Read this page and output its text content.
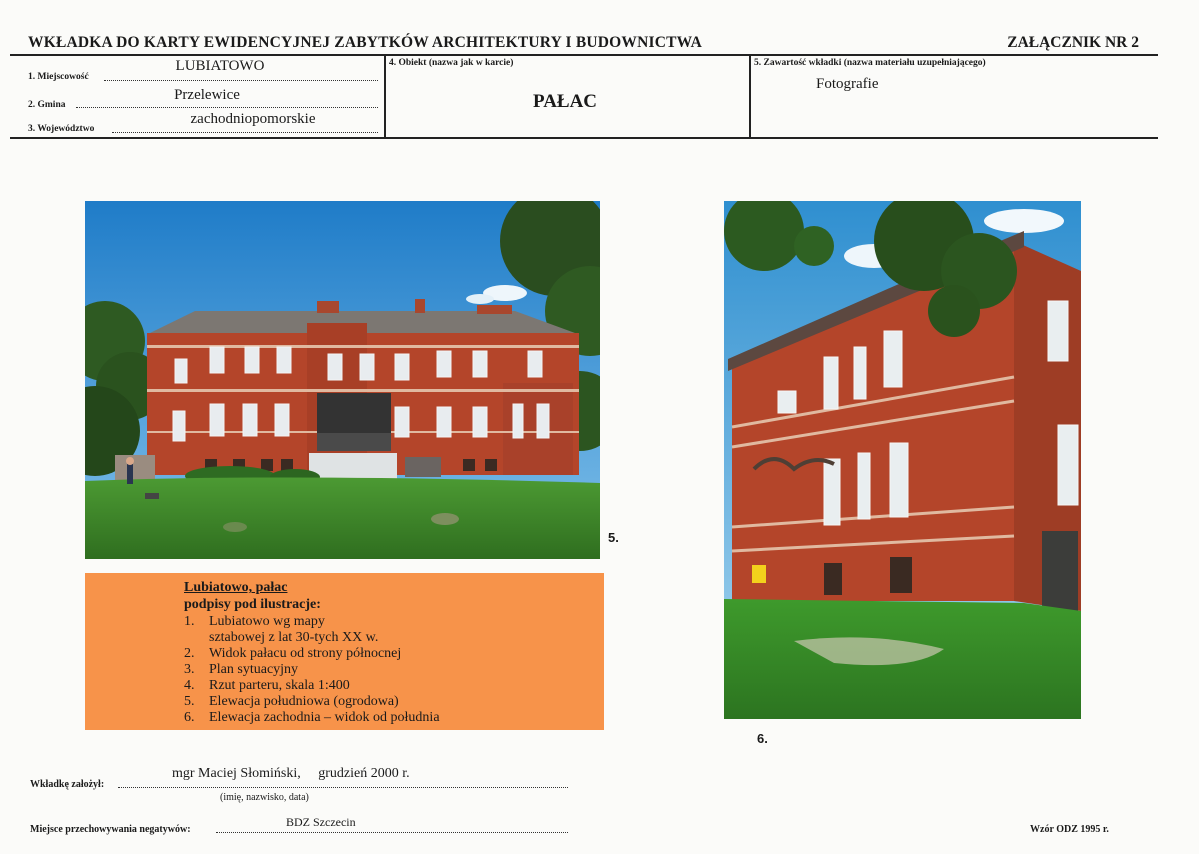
WKŁADKA DO KARTY EWIDENCYJNEJ ZABYTKÓW ARCHITEKTURY I BUDOWNICTWA	ZAŁĄCZNIK NR 2
1. Miejscowość
LUBIATOWO
2. Gmina
Przelewice
3. Województwo
zachodniopomorskie
4. Obiekt (nazwa jak w karcie)
PAŁAC
5. Zawartość wkładki (nazwa materiału uzupełniającego)
Fotografie
5.
6.
Lubiatowo, pałac
podpisy pod ilustracje:
1.	Lubiatowo wg mapy
sztabowej z lat 30-tych XX w.
2.	Widok pałacu od strony północnej
3.	Plan sytuacyjny
4.	Rzut parteru, skala 1:400
5.	Elewacja południowa (ogrodowa)
6.	Elewacja zachodnia – widok od południa
Wkładkę założył:
mgr Maciej Słomiński,     grudzień 2000 r.
(imię, nazwisko, data)
Miejsce przechowywania negatywów:
BDZ Szczecin
Wzór ODZ 1995 r.
